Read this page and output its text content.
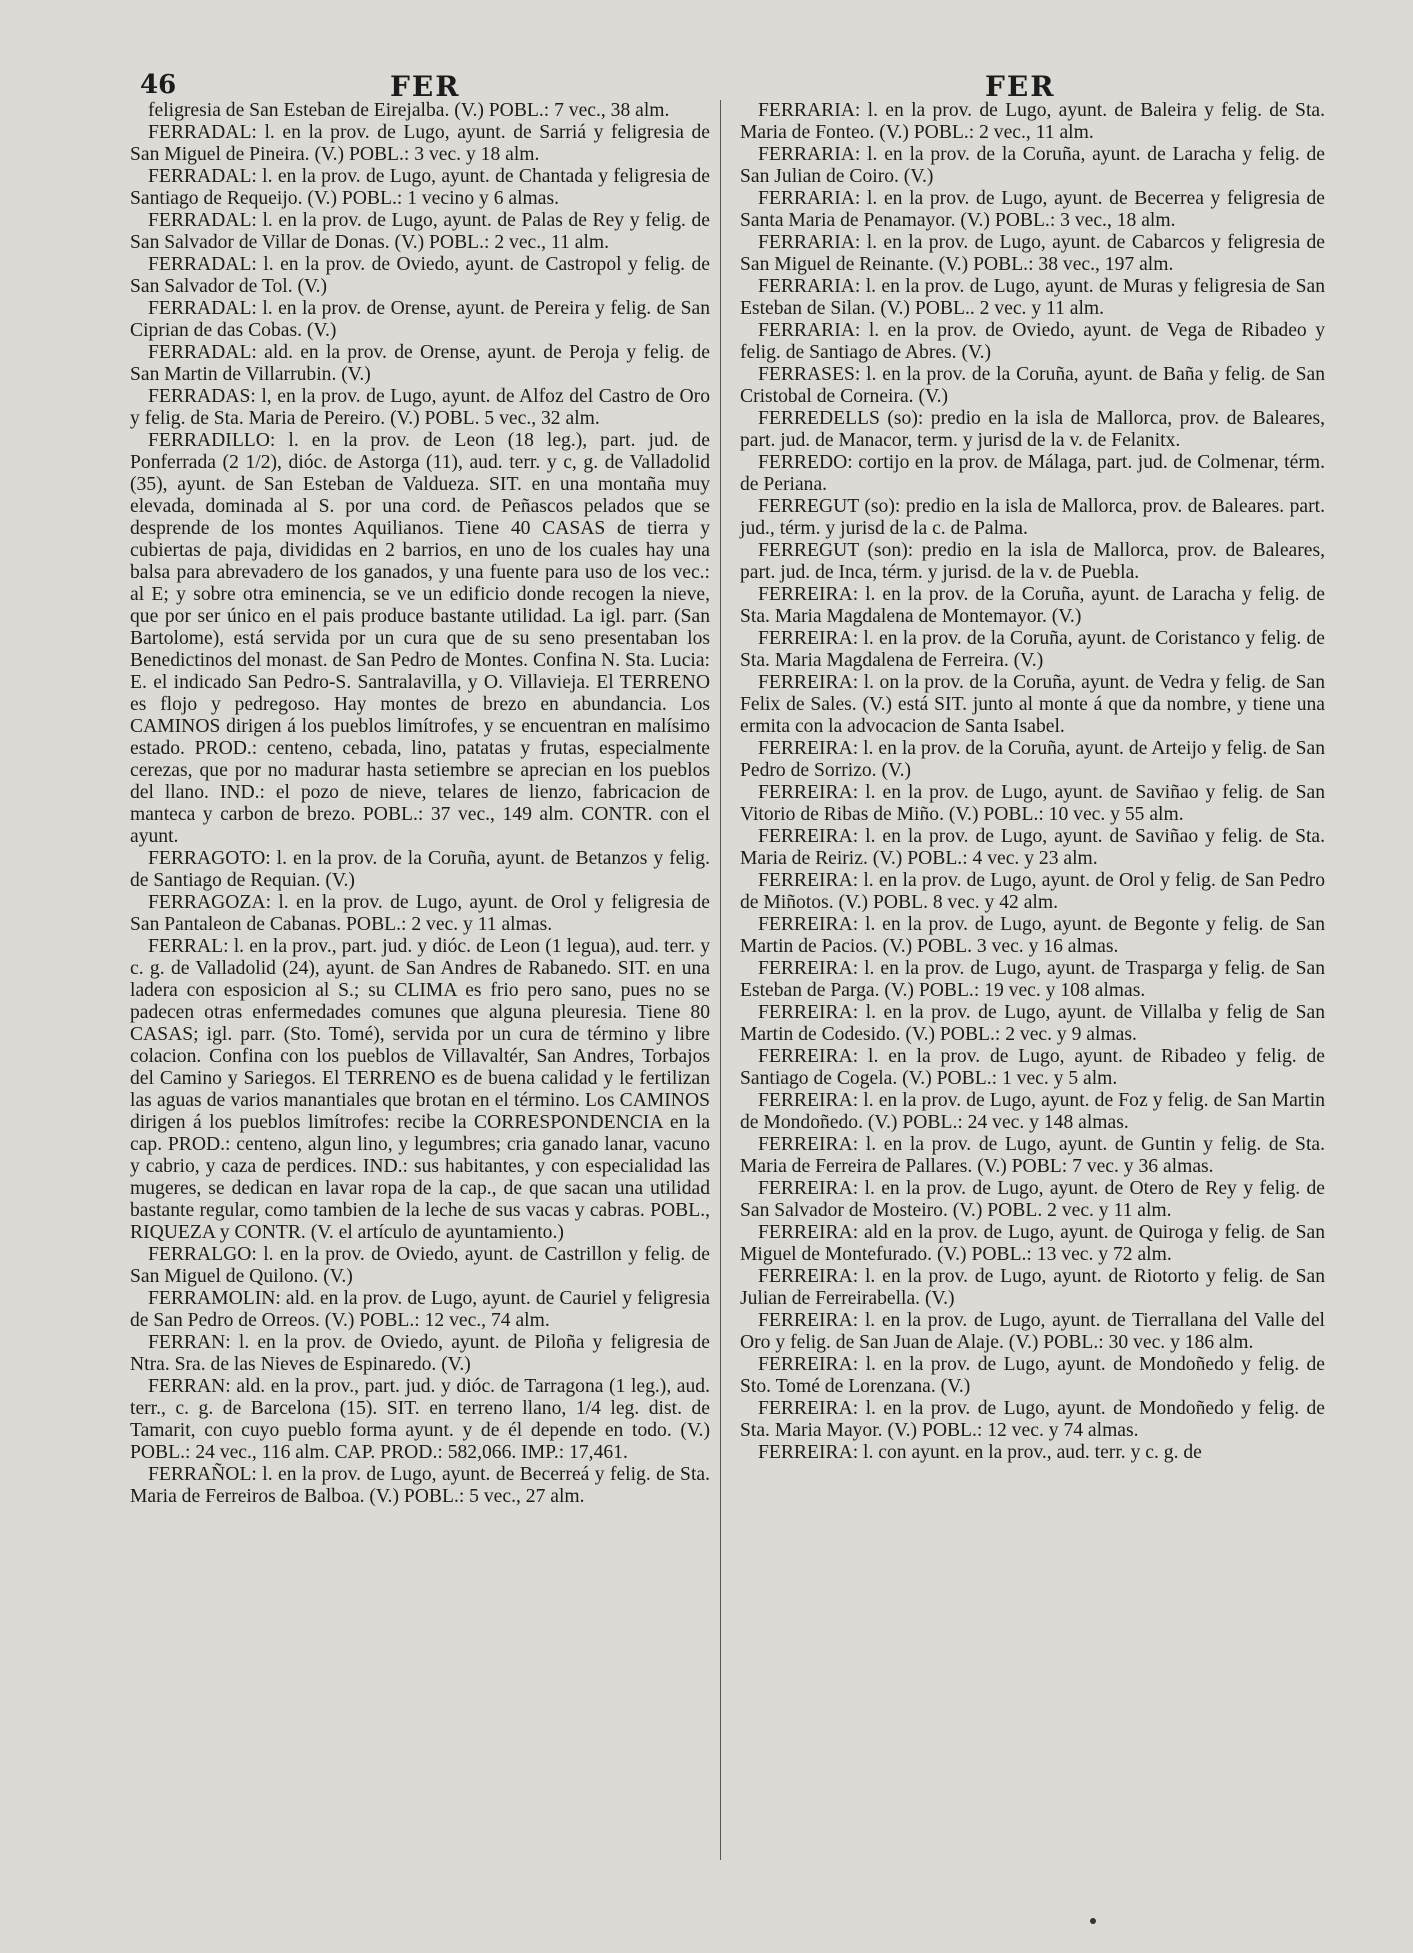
46	FER	FER

feligresia de San Esteban de Eirejalba. (V.) POBL.: 7 vec., 38 alm.

FERRADAL: l. en la prov. de Lugo, ayunt. de Sarriá y feligresia de San Miguel de Pineira. (V.) POBL.: 3 vec. y 18 alm.

FERRADAL: l. en la prov. de Lugo, ayunt. de Chantada y feligresia de Santiago de Requeijo. (V.) POBL.: 1 vecino y 6 almas.

FERRADAL: l. en la prov. de Lugo, ayunt. de Palas de Rey y felig. de San Salvador de Villar de Donas. (V.) POBL.: 2 vec., 11 alm.

FERRADAL: l. en la prov. de Oviedo, ayunt. de Castropol y felig. de San Salvador de Tol. (V.)

FERRADAL: l. en la prov. de Orense, ayunt. de Pereira y felig. de San Ciprian de das Cobas. (V.)

FERRADAL: ald. en la prov. de Orense, ayunt. de Peroja y felig. de San Martin de Villarrubin. (V.)

FERRADAS: l, en la prov. de Lugo, ayunt. de Alfoz del Castro de Oro y felig. de Sta. Maria de Pereiro. (V.) POBL. 5 vec., 32 alm.

FERRADILLO: l. en la prov. de Leon (18 leg.), part. jud. de Ponferrada (2 1/2), dióc. de Astorga (11), aud. terr. y c, g. de Valladolid (35), ayunt. de San Esteban de Valdueza. SIT. en una montaña muy elevada, dominada al S. por una cord. de Peñascos pelados que se desprende de los montes Aquilianos. Tiene 40 CASAS de tierra y cubiertas de paja, divididas en 2 barrios, en uno de los cuales hay una balsa para abrevadero de los ganados, y una fuente para uso de los vec.: al E; y sobre otra eminencia, se ve un edificio donde recogen la nieve, que por ser único en el pais produce bastante utilidad. La igl. parr. (San Bartolome), está servida por un cura que de su seno presentaban los Benedictinos del monast. de San Pedro de Montes. Confina N. Sta. Lucia: E. el indicado San Pedro-S. Santralavilla, y O. Villavieja. El TERRENO es flojo y pedregoso. Hay montes de brezo en abundancia. Los CAMINOS dirigen á los pueblos limítrofes, y se encuentran en malísimo estado. PROD.: centeno, cebada, lino, patatas y frutas, especialmente cerezas, que por no madurar hasta setiembre se aprecian en los pueblos del llano. IND.: el pozo de nieve, telares de lienzo, fabricacion de manteca y carbon de brezo. POBL.: 37 vec., 149 alm. CONTR. con el ayunt.

FERRAGOTO: l. en la prov. de la Coruña, ayunt. de Betanzos y felig. de Santiago de Requian. (V.)

FERRAGOZA: l. en la prov. de Lugo, ayunt. de Orol y feligresia de San Pantaleon de Cabanas. POBL.: 2 vec. y 11 almas.

FERRAL: l. en la prov., part. jud. y dióc. de Leon (1 legua), aud. terr. y c. g. de Valladolid (24), ayunt. de San Andres de Rabanedo. SIT. en una ladera con esposicion al S.; su CLIMA es frio pero sano, pues no se padecen otras enfermedades comunes que alguna pleuresia. Tiene 80 CASAS; igl. parr. (Sto. Tomé), servida por un cura de término y libre colacion. Confina con los pueblos de Villavaltér, San Andres, Torbajos del Camino y Sariegos. El TERRENO es de buena calidad y le fertilizan las aguas de varios manantiales que brotan en el término. Los CAMINOS dirigen á los pueblos limítrofes: recibe la CORRESPONDENCIA en la cap. PROD.: centeno, algun lino, y legumbres; cria ganado lanar, vacuno y cabrio, y caza de perdices. IND.: sus habitantes, y con especialidad las mugeres, se dedican en lavar ropa de la cap., de que sacan una utilidad bastante regular, como tambien de la leche de sus vacas y cabras. POBL., RIQUEZA y CONTR. (V. el artículo de ayuntamiento.)

FERRALGO: l. en la prov. de Oviedo, ayunt. de Castrillon y felig. de San Miguel de Quilono. (V.)

FERRAMOLIN: ald. en la prov. de Lugo, ayunt. de Cauriel y feligresia de San Pedro de Orreos. (V.) POBL.: 12 vec., 74 alm.

FERRAN: l. en la prov. de Oviedo, ayunt. de Piloña y feligresia de Ntra. Sra. de las Nieves de Espinaredo. (V.)

FERRAN: ald. en la prov., part. jud. y dióc. de Tarragona (1 leg.), aud. terr., c. g. de Barcelona (15). SIT. en terreno llano, 1/4 leg. dist. de Tamarit, con cuyo pueblo forma ayunt. y de él depende en todo. (V.) POBL.: 24 vec., 116 alm. CAP. PROD.: 582,066. IMP.: 17,461.

FERRAÑOL: l. en la prov. de Lugo, ayunt. de Becerreá y felig. de Sta. Maria de Ferreiros de Balboa. (V.) POBL.: 5 vec., 27 alm.

FERRARIA: l. en la prov. de Lugo, ayunt. de Baleira y felig. de Sta. Maria de Fonteo. (V.) POBL.: 2 vec., 11 alm.

FERRARIA: l. en la prov. de la Coruña, ayunt. de Laracha y felig. de San Julian de Coiro. (V.)

FERRARIA: l. en la prov. de Lugo, ayunt. de Becerrea y feligresia de Santa Maria de Penamayor. (V.) POBL.: 3 vec., 18 alm.

FERRARIA: l. en la prov. de Lugo, ayunt. de Cabarcos y feligresia de San Miguel de Reinante. (V.) POBL.: 38 vec., 197 alm.

FERRARIA: l. en la prov. de Lugo, ayunt. de Muras y feligresia de San Esteban de Silan. (V.) POBL.. 2 vec. y 11 alm.

FERRARIA: l. en la prov. de Oviedo, ayunt. de Vega de Ribadeo y felig. de Santiago de Abres. (V.)

FERRASES: l. en la prov. de la Coruña, ayunt. de Baña y felig. de San Cristobal de Corneira. (V.)

FERREDELLS (so): predio en la isla de Mallorca, prov. de Baleares, part. jud. de Manacor, term. y jurisd de la v. de Felanitx.

FERREDO: cortijo en la prov. de Málaga, part. jud. de Colmenar, térm. de Periana.

FERREGUT (so): predio en la isla de Mallorca, prov. de Baleares. part. jud., térm. y jurisd de la c. de Palma.

FERREGUT (son): predio en la isla de Mallorca, prov. de Baleares, part. jud. de Inca, térm. y jurisd. de la v. de Puebla.

FERREIRA: l. en la prov. de la Coruña, ayunt. de Laracha y felig. de Sta. Maria Magdalena de Montemayor. (V.)

FERREIRA: l. en la prov. de la Coruña, ayunt. de Coristanco y felig. de Sta. Maria Magdalena de Ferreira. (V.)

FERREIRA: l. on la prov. de la Coruña, ayunt. de Vedra y felig. de San Felix de Sales. (V.) está SIT. junto al monte á que da nombre, y tiene una ermita con la advocacion de Santa Isabel.

FERREIRA: l. en la prov. de la Coruña, ayunt. de Arteijo y felig. de San Pedro de Sorrizo. (V.)

FERREIRA: l. en la prov. de Lugo, ayunt. de Saviñao y felig. de San Vitorio de Ribas de Miño. (V.) POBL.: 10 vec. y 55 alm.

FERREIRA: l. en la prov. de Lugo, ayunt. de Saviñao y felig. de Sta. Maria de Reiriz. (V.) POBL.: 4 vec. y 23 alm.

FERREIRA: l. en la prov. de Lugo, ayunt. de Orol y felig. de San Pedro de Miñotos. (V.) POBL. 8 vec. y 42 alm.

FERREIRA: l. en la prov. de Lugo, ayunt. de Begonte y felig. de San Martin de Pacios. (V.) POBL. 3 vec. y 16 almas.

FERREIRA: l. en la prov. de Lugo, ayunt. de Trasparga y felig. de San Esteban de Parga. (V.) POBL.: 19 vec. y 108 almas.

FERREIRA: l. en la prov. de Lugo, ayunt. de Villalba y felig de San Martin de Codesido. (V.) POBL.: 2 vec. y 9 almas.

FERREIRA: l. en la prov. de Lugo, ayunt. de Ribadeo y felig. de Santiago de Cogela. (V.) POBL.: 1 vec. y 5 alm.

FERREIRA: l. en la prov. de Lugo, ayunt. de Foz y felig. de San Martin de Mondoñedo. (V.) POBL.: 24 vec. y 148 almas.

FERREIRA: l. en la prov. de Lugo, ayunt. de Guntin y felig. de Sta. Maria de Ferreira de Pallares. (V.) POBL: 7 vec. y 36 almas.

FERREIRA: l. en la prov. de Lugo, ayunt. de Otero de Rey y felig. de San Salvador de Mosteiro. (V.) POBL. 2 vec. y 11 alm.

FERREIRA: ald en la prov. de Lugo, ayunt. de Quiroga y felig. de San Miguel de Montefurado. (V.) POBL.: 13 vec. y 72 alm.

FERREIRA: l. en la prov. de Lugo, ayunt. de Riotorto y felig. de San Julian de Ferreirabella. (V.)

FERREIRA: l. en la prov. de Lugo, ayunt. de Tierrallana del Valle del Oro y felig. de San Juan de Alaje. (V.) POBL.: 30 vec. y 186 alm.

FERREIRA: l. en la prov. de Lugo, ayunt. de Mondoñedo y felig. de Sto. Tomé de Lorenzana. (V.)

FERREIRA: l. en la prov. de Lugo, ayunt. de Mondoñedo y felig. de Sta. Maria Mayor. (V.) POBL.: 12 vec. y 74 almas.

FERREIRA: l. con ayunt. en la prov., aud. terr. y c. g. de
